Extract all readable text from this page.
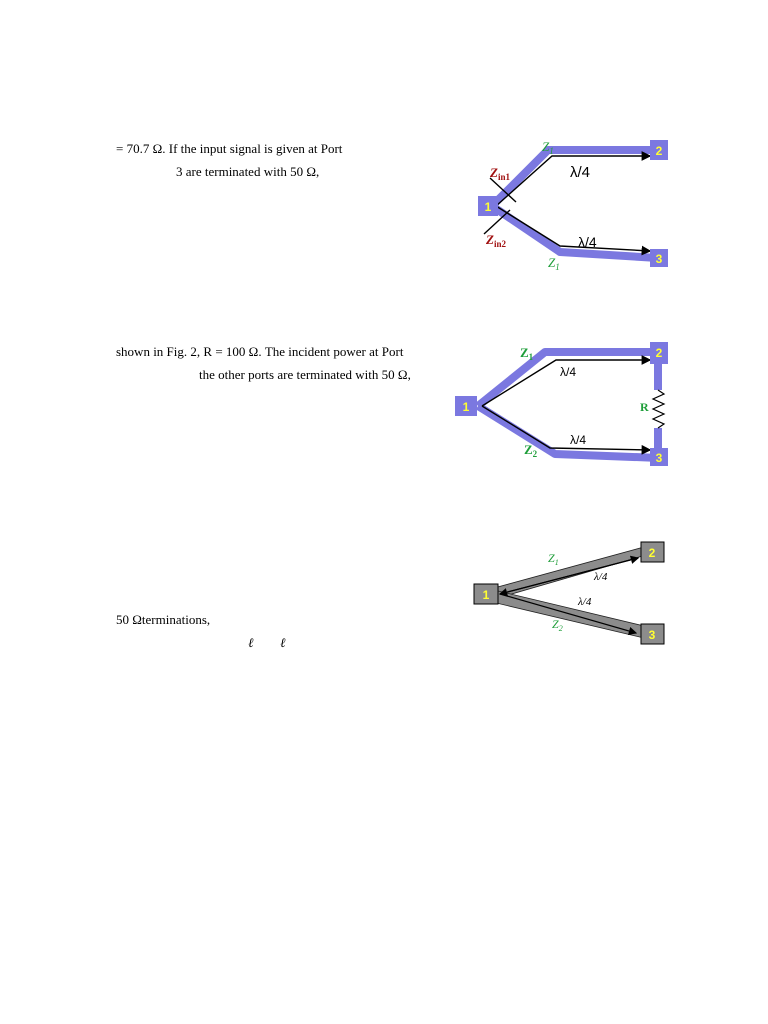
= 70.7 Ω. If the input signal is given at Port
3 are terminated with 50 Ω,
shown in Fig. 2, R = 100 Ω. The incident power at Port
the other ports are terminated with 50 Ω,
50 Ωterminations,
ℓ ℓ
1
2
3
$Z_1$
$Z_1$
$Z_{in1}$
$Z_{in2}$
λ/4
λ/4
1
2
3
$Z_1$
$Z_2$
R
λ/4
λ/4
1
2
3
$Z_1$
$Z_2$
λ/4
λ/4
